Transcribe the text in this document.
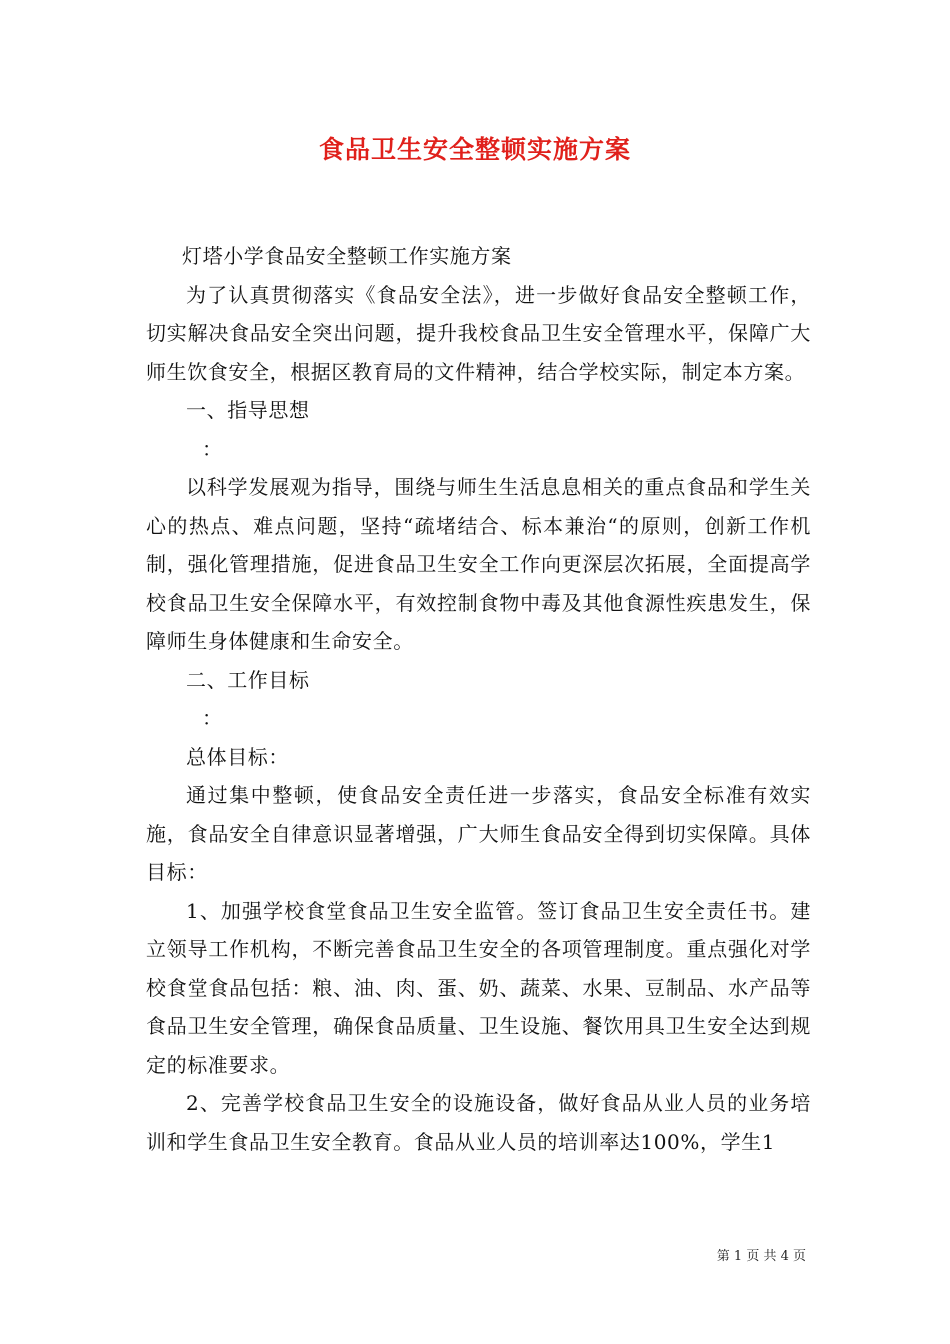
食品卫生安全整顿实施方案

灯塔小学食品安全整顿工作实施方案

为了认真贯彻落实《食品安全法》，进一步做好食品安全整顿工作，切实解决食品安全突出问题，提升我校食品卫生安全管理水平，保障广大师生饮食安全，根据区教育局的文件精神，结合学校实际，制定本方案。

一、指导思想

：

以科学发展观为指导，围绕与师生生活息息相关的重点食品和学生关心的热点、难点问题，坚持“疏堵结合、标本兼治“的原则，创新工作机制，强化管理措施，促进食品卫生安全工作向更深层次拓展，全面提高学校食品卫生安全保障水平，有效控制食物中毒及其他食源性疾患发生，保障师生身体健康和生命安全。

二、工作目标

：

总体目标：

通过集中整顿，使食品安全责任进一步落实，食品安全标准有效实施，食品安全自律意识显著增强，广大师生食品安全得到切实保障。具体目标：

1、加强学校食堂食品卫生安全监管。签订食品卫生安全责任书。建立领导工作机构，不断完善食品卫生安全的各项管理制度。重点强化对学校食堂食品包括：粮、油、肉、蛋、奶、蔬菜、水果、豆制品、水产品等食品卫生安全管理，确保食品质量、卫生设施、餐饮用具卫生安全达到规定的标准要求。

2、完善学校食品卫生安全的设施设备，做好食品从业人员的业务培训和学生食品卫生安全教育。食品从业人员的培训率达100%，学生1

第 1 页 共 4 页
